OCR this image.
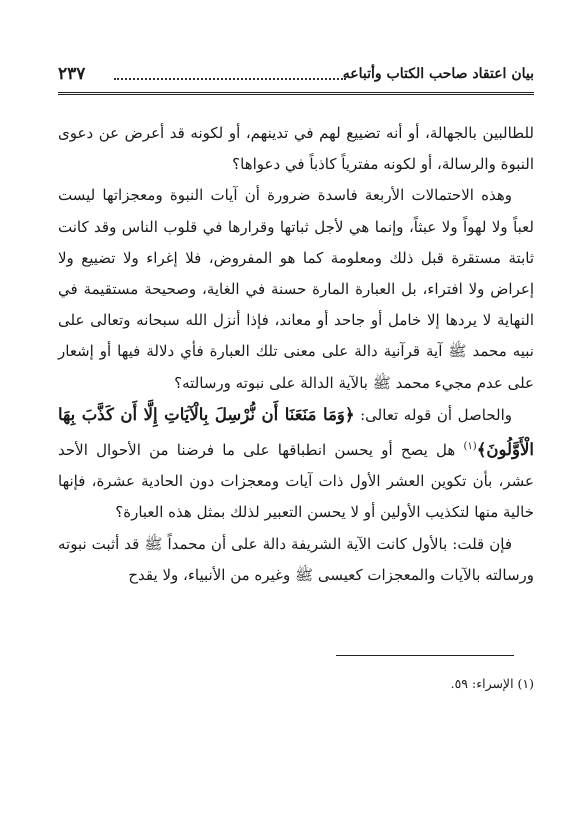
بيان اعتقاد صاحب الكتاب وأتباعه
٢٣٧

للطالبين بالجهالة، أو أنه تضييع لهم في تدينهم، أو لكونه قد أعرض عن دعوى النبوة والرسالة، أو لكونه مفترياً كاذباً في دعواها؟

وهذه الاحتمالات الأربعة فاسدة ضرورة أن آيات النبوة ومعجزاتها ليست لعباً ولا لهواً ولا عبثاً، وإنما هي لأجل ثباتها وقرارها في قلوب الناس وقد كانت ثابتة مستقرة قبل ذلك ومعلومة كما هو المفروض، فلا إغراء ولا تضييع ولا إعراض ولا افتراء، بل العبارة المارة حسنة في الغاية، وصحيحة مستقيمة في النهاية لا يردها إلا خامل أو جاحد أو معاند، فإذا أنزل الله سبحانه وتعالى على نبيه محمد ﷺ آية قرآنية دالة على معنى تلك العبارة فأي دلالة فيها أو إشعار على عدم مجيء محمد ﷺ بالآية الدالة على نبوته ورسالته؟

والحاصل أن قوله تعالى: ﴿وَمَا مَنَعَنَا أَن نُّرْسِلَ بِالْآيَاتِ إِلَّا أَن كَذَّبَ بِهَا الْأَوَّلُونَ﴾$^{(١)}$ هل يصح أو يحسن انطباقها على ما فرضنا من الأحوال الأحد عشر، بأن تكوين العشر الأول ذات آيات ومعجزات دون الحادية عشرة، فإنها خالية منها لتكذيب الأولين أو لا يحسن التعبير لذلك بمثل هذه العبارة؟

فإن قلت: بالأول كانت الآية الشريفة دالة على أن محمداً ﷺ قد أثبت نبوته ورسالته بالآيات والمعجزات كعيسى ﷺ وغيره من الأنبياء، ولا يقدح

(١) الإسراء: ٥٩.
